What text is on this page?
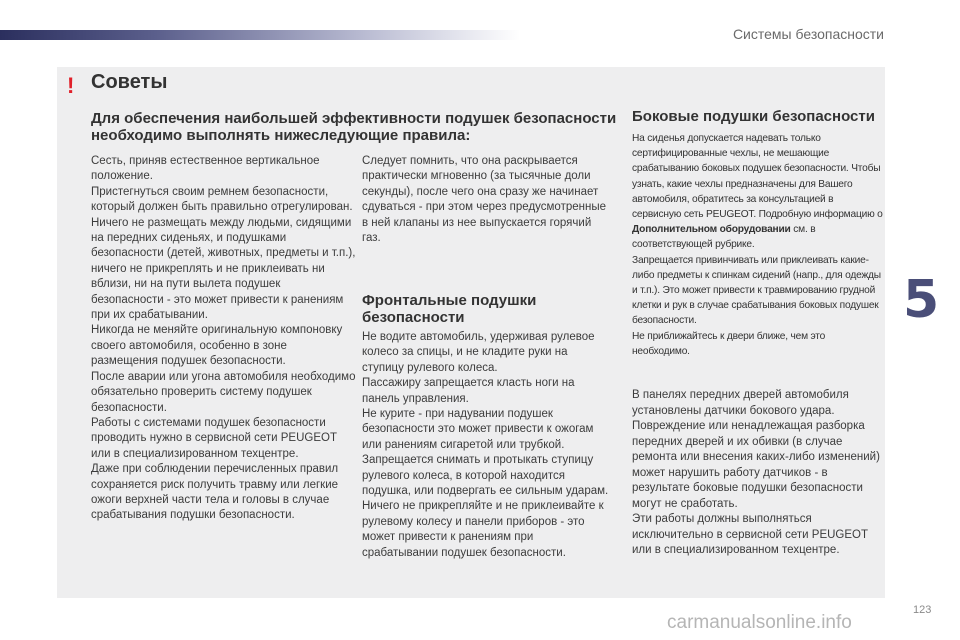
Системы безопасности
5
! Советы
Для обеспечения наибольшей эффективности подушек безопасности необходимо выполнять нижеследующие правила:
Сесть, приняв естественное вертикальное положение.
Пристегнуться своим ремнем безопасности, который должен быть правильно отрегулирован.
Ничего не размещать между людьми, сидящими на передних сиденьях, и подушками безопасности (детей, животных, предметы и т.п.), ничего не прикреплять и не приклеивать ни вблизи, ни на пути вылета подушек безопасности - это может привести к ранениям при их срабатывании.
Никогда не меняйте оригинальную компоновку своего автомобиля, особенно в зоне размещения подушек безопасности.
После аварии или угона автомобиля необходимо обязательно проверить систему подушек безопасности.
Работы с системами подушек безопасности проводить нужно в сервисной сети PEUGEOT или в специализированном техцентре.
Даже при соблюдении перечисленных правил сохраняется риск получить травму или легкие ожоги верхней части тела и головы в случае срабатывания подушки безопасности.
Следует помнить, что она раскрывается практически мгновенно (за тысячные доли секунды), после чего она сразу же начинает сдуваться - при этом через предусмотренные в ней клапаны из нее выпускается горячий газ.
Фронтальные подушки безопасности
Не водите автомобиль, удерживая рулевое колесо за спицы, и не кладите руки на ступицу рулевого колеса.
Пассажиру запрещается класть ноги на панель управления.
Не курите - при надувании подушек безопасности это может привести к ожогам или ранениям сигаретой или трубкой.
Запрещается снимать и протыкать ступицу рулевого колеса, в которой находится подушка, или подвергать ее сильным ударам.
Ничего не прикрепляйте и не приклеивайте к рулевому колесу и панели приборов - это может привести к ранениям при срабатывании подушек безопасности.
Боковые подушки безопасности
На сиденья допускается надевать только сертифицированные чехлы, не мешающие срабатыванию боковых подушек безопасности. Чтобы узнать, какие чехлы предназначены для Вашего автомобиля, обратитесь за консультацией в сервисную сеть PEUGEOT. Подробную информацию о Дополнительном оборудовании см. в соответствующей рубрике.
Запрещается привинчивать или приклеивать какие-либо предметы к спинкам сидений (напр., для одежды и т.п.). Это может привести к травмированию грудной клетки и рук в случае срабатывания боковых подушек безопасности.
Не приближайтесь к двери ближе, чем это необходимо.
В панелях передних дверей автомобиля установлены датчики бокового удара.
Повреждение или ненадлежащая разборка передних дверей и их обивки (в случае ремонта или внесения каких-либо изменений) может нарушить работу датчиков - в результате боковые подушки безопасности могут не сработать.
Эти работы должны выполняться исключительно в сервисной сети PEUGEOT или в специализированном техцентре.
123
carmanualsonline.info
